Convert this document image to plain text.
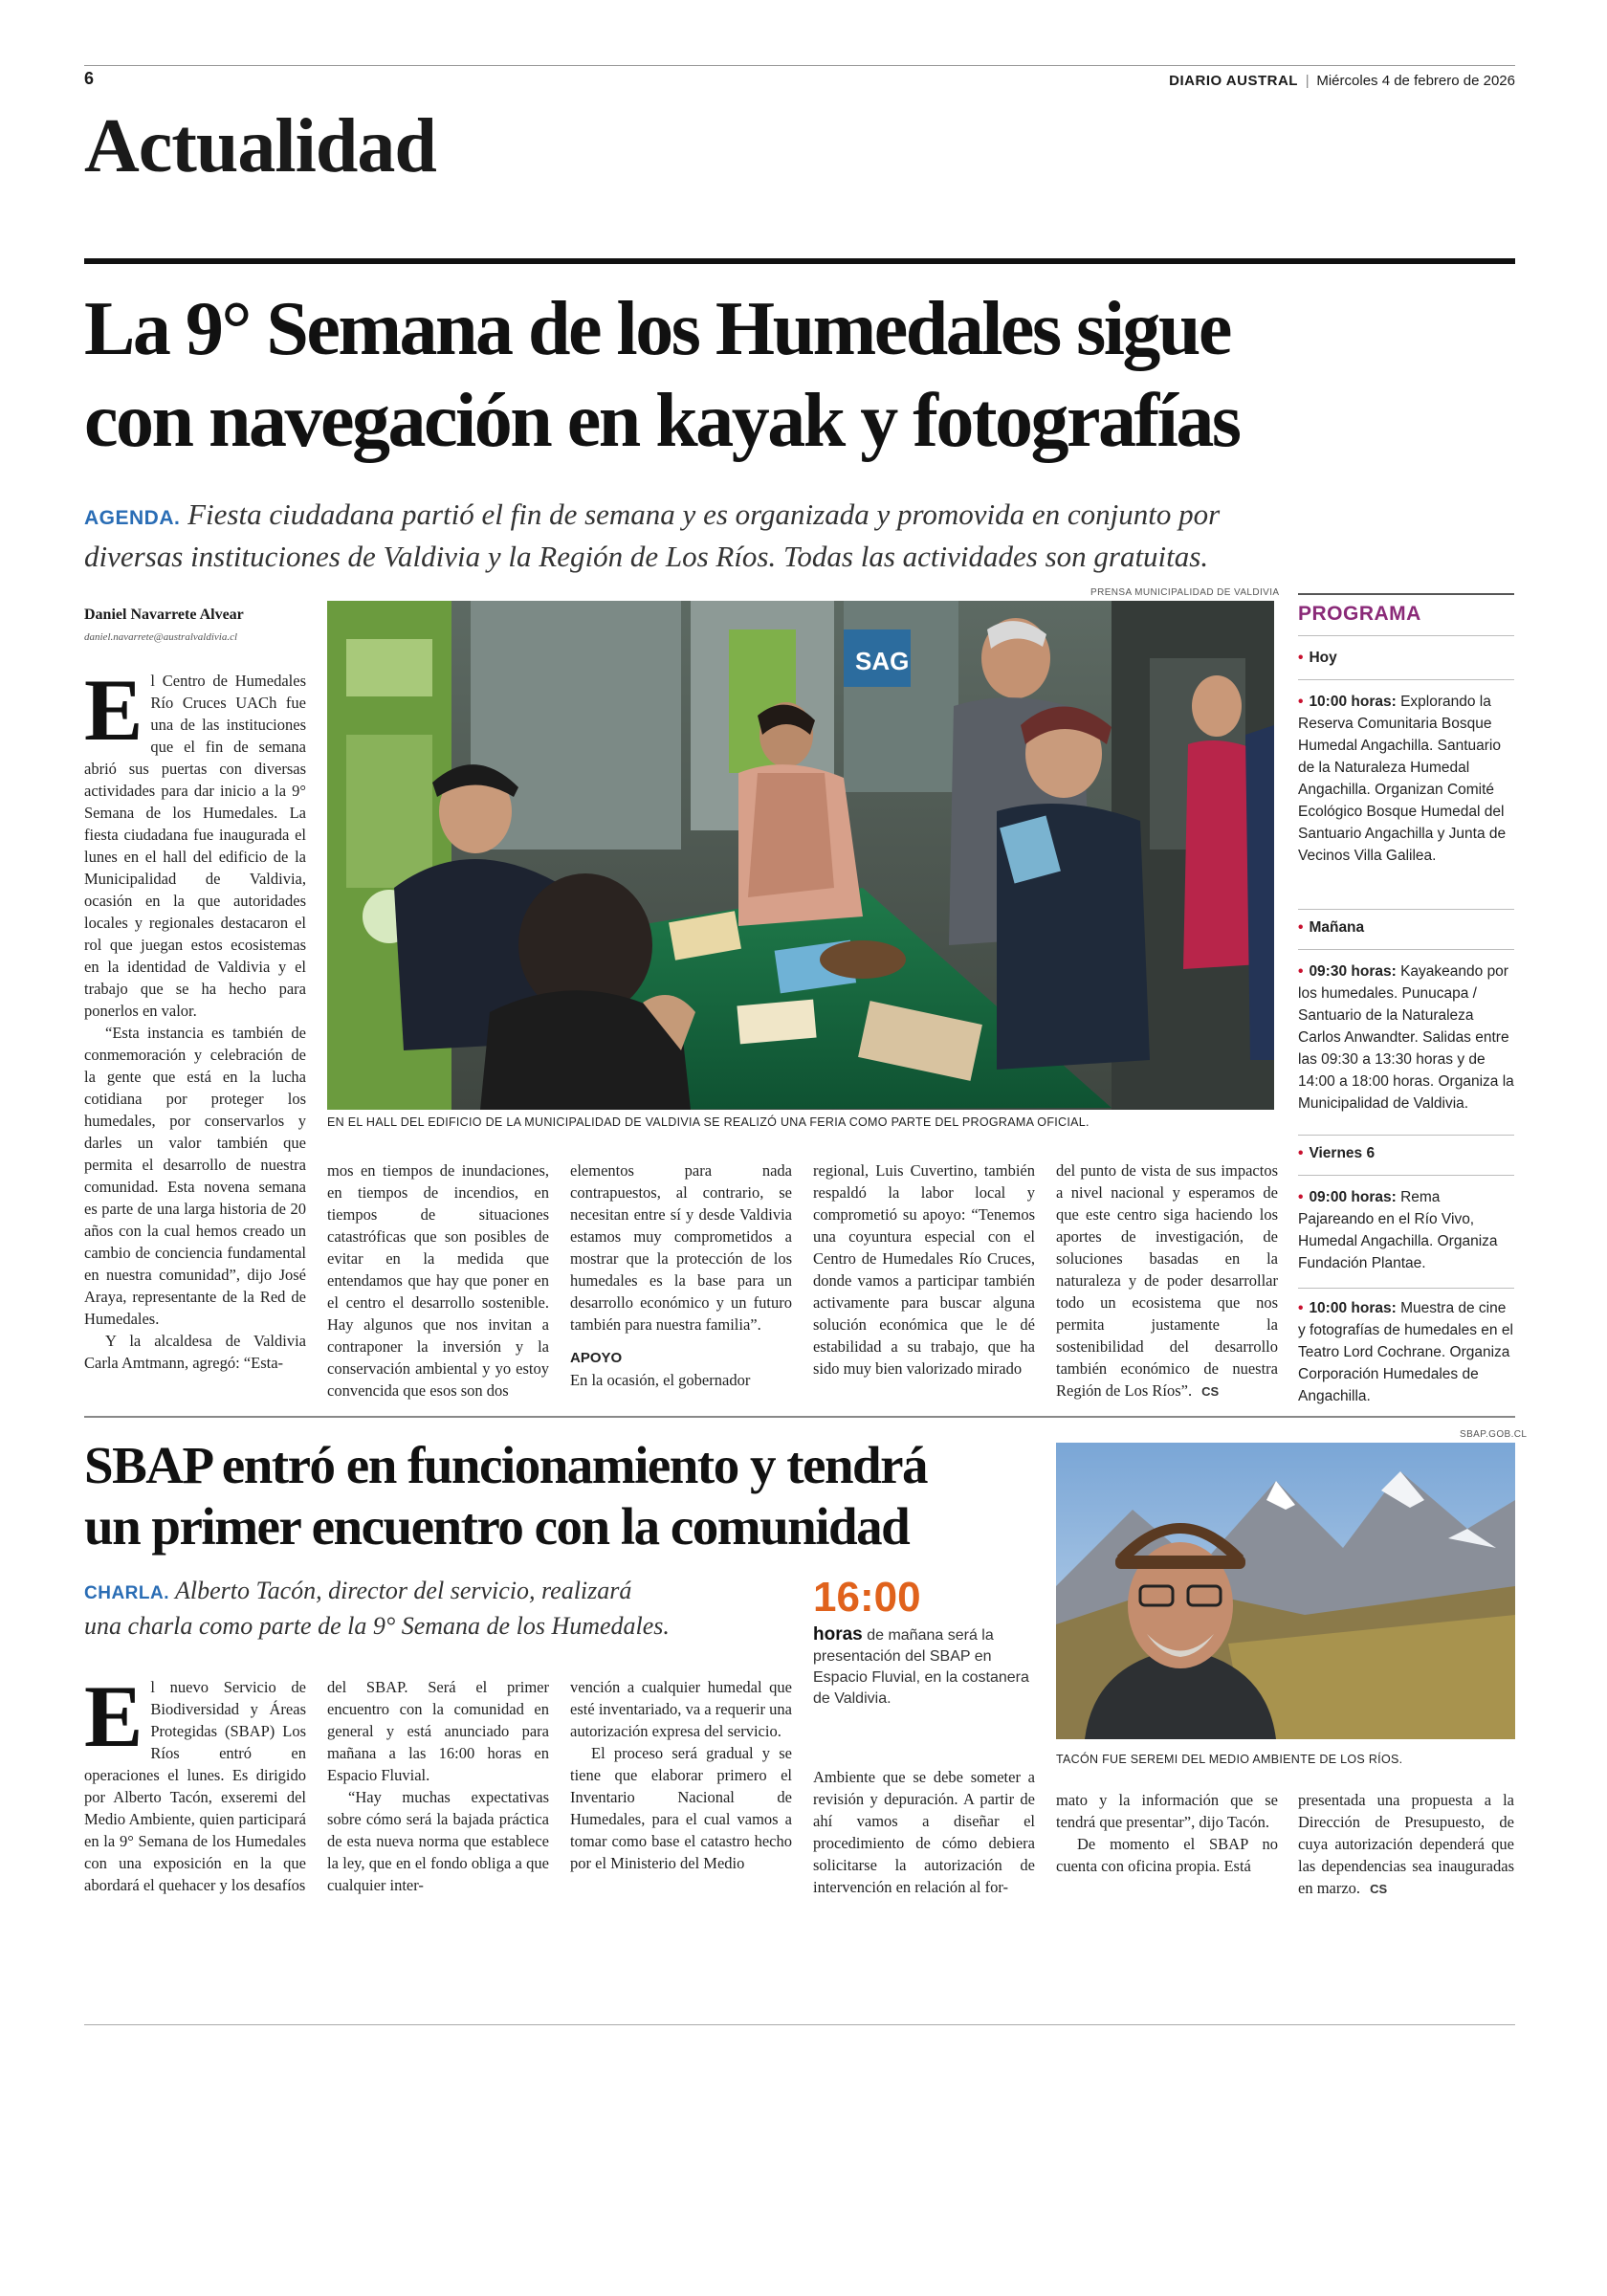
6	DIARIO AUSTRAL | Miércoles 4 de febrero de 2026
Actualidad
La 9° Semana de los Humedales sigue
con navegación en kayak y fotografías
AGENDA. Fiesta ciudadana partió el fin de semana y es organizada y promovida en conjunto por
diversas instituciones de Valdivia y la Región de Los Ríos. Todas las actividades son gratuitas.
Daniel Navarrete Alvear
daniel.navarrete@australvaldivia.cl
PRENSA MUNICIPALIDAD DE VALDIVIA
SAG
EN EL HALL DEL EDIFICIO DE LA MUNICIPALIDAD DE VALDIVIA SE REALIZÓ UNA FERIA COMO PARTE DEL PROGRAMA OFICIAL.

El Centro de Humedales Río Cruces UACh fue una de las instituciones que el fin de semana abrió sus puertas con diversas actividades para dar inicio a la 9° Semana de los Humedales. La fiesta ciudadana fue inaugurada el lunes en el hall del edificio de la Municipalidad de Valdivia, ocasión en la que autoridades locales y regionales destacaron el rol que juegan estos ecosistemas en la identidad de Valdivia y el trabajo que se ha hecho para ponerlos en valor.

“Esta instancia es también de conmemoración y celebración de la gente que está en la lucha cotidiana por proteger los humedales, por conservarlos y darles un valor también que permita el desarrollo de nuestra comunidad. Esta novena semana es parte de una larga historia de 20 años con la cual hemos creado un cambio de conciencia fundamental en nuestra comunidad”, dijo José Araya, representante de la Red de Humedales.

Y la alcaldesa de Valdivia Carla Amtmann, agregó: “Esta-

mos en tiempos de inundaciones, en tiempos de incendios, en tiempos de situaciones catastróficas que son posibles de evitar en la medida que entendamos que hay que poner en el centro el desarrollo sostenible. Hay algunos que nos invitan a contraponer la inversión y la conservación ambiental y yo estoy convencida que esos son dos

elementos para nada contrapuestos, al contrario, se necesitan entre sí y desde Valdivia estamos muy comprometidos a mostrar que la protección de los humedales es la base para un desarrollo económico y un futuro también para nuestra familia”.

APOYO

En la ocasión, el gobernador

regional, Luis Cuvertino, también respaldó la labor local y comprometió su apoyo: “Tenemos una coyuntura especial con el Centro de Humedales Río Cruces, donde vamos a participar también activamente para buscar alguna solución económica que le dé estabilidad a su trabajo, que ha sido muy bien valorizado mirado

del punto de vista de sus impactos a nivel nacional y esperamos de que este centro siga haciendo los aportes de investigación, de soluciones basadas en la naturaleza y de poder desarrollar todo un ecosistema que nos permita justamente la sostenibilidad del desarrollo también económico de nuestra Región de Los Ríos”. CS

PROGRAMA
• Hoy
• 10:00 horas: Explorando la Reserva Comunitaria Bosque Humedal Angachilla. Santuario de la Naturaleza Humedal Angachilla. Organizan Comité Ecológico Bosque Humedal del Santuario Angachilla y Junta de Vecinos Villa Galilea.
• Mañana
• 09:30 horas: Kayakeando por los humedales. Punucapa / Santuario de la Naturaleza Carlos Anwandter. Salidas entre las 09:30 a 13:30 horas y de 14:00 a 18:00 horas. Organiza la Municipalidad de Valdivia.
• Viernes 6
• 09:00 horas: Rema Pajareando en el Río Vivo, Humedal Angachilla. Organiza Fundación Plantae.
• 10:00 horas: Muestra de cine y fotografías de humedales en el Teatro Lord Cochrane. Organiza Corporación Humedales de Angachilla.
SBAP entró en funcionamiento y tendrá
un primer encuentro con la comunidad
CHARLA. Alberto Tacón, director del servicio, realizará
una charla como parte de la 9° Semana de los Humedales.
16:00
horas de mañana será la presentación del SBAP en Espacio Fluvial, en la costanera de Valdivia.
SBAP.GOB.CL
TACÓN FUE SEREMI DEL MEDIO AMBIENTE DE LOS RÍOS.

El nuevo Servicio de Biodiversidad y Áreas Protegidas (SBAP) Los Ríos entró en operaciones el lunes. Es dirigido por Alberto Tacón, exseremi del Medio Ambiente, quien participará en la 9° Semana de los Humedales con una exposición en la que abordará el quehacer y los desafíos

del SBAP. Será el primer encuentro con la comunidad en general y está anunciado para mañana a las 16:00 horas en Espacio Fluvial.

“Hay muchas expectativas sobre cómo será la bajada práctica de esta nueva norma que establece la ley, que en el fondo obliga a que cualquier inter-

vención a cualquier humedal que esté inventariado, va a requerir una autorización expresa del servicio.

El proceso será gradual y se tiene que elaborar primero el Inventario Nacional de Humedales, para el cual vamos a tomar como base el catastro hecho por el Ministerio del Medio

Ambiente que se debe someter a revisión y depuración. A partir de ahí vamos a diseñar el procedimiento de cómo debiera solicitarse la autorización de intervención en relación al for-

mato y la información que se tendrá que presentar”, dijo Tacón.

De momento el SBAP no cuenta con oficina propia. Está

presentada una propuesta a la Dirección de Presupuesto, de cuya autorización dependerá que las dependencias sea inauguradas en marzo. CS
